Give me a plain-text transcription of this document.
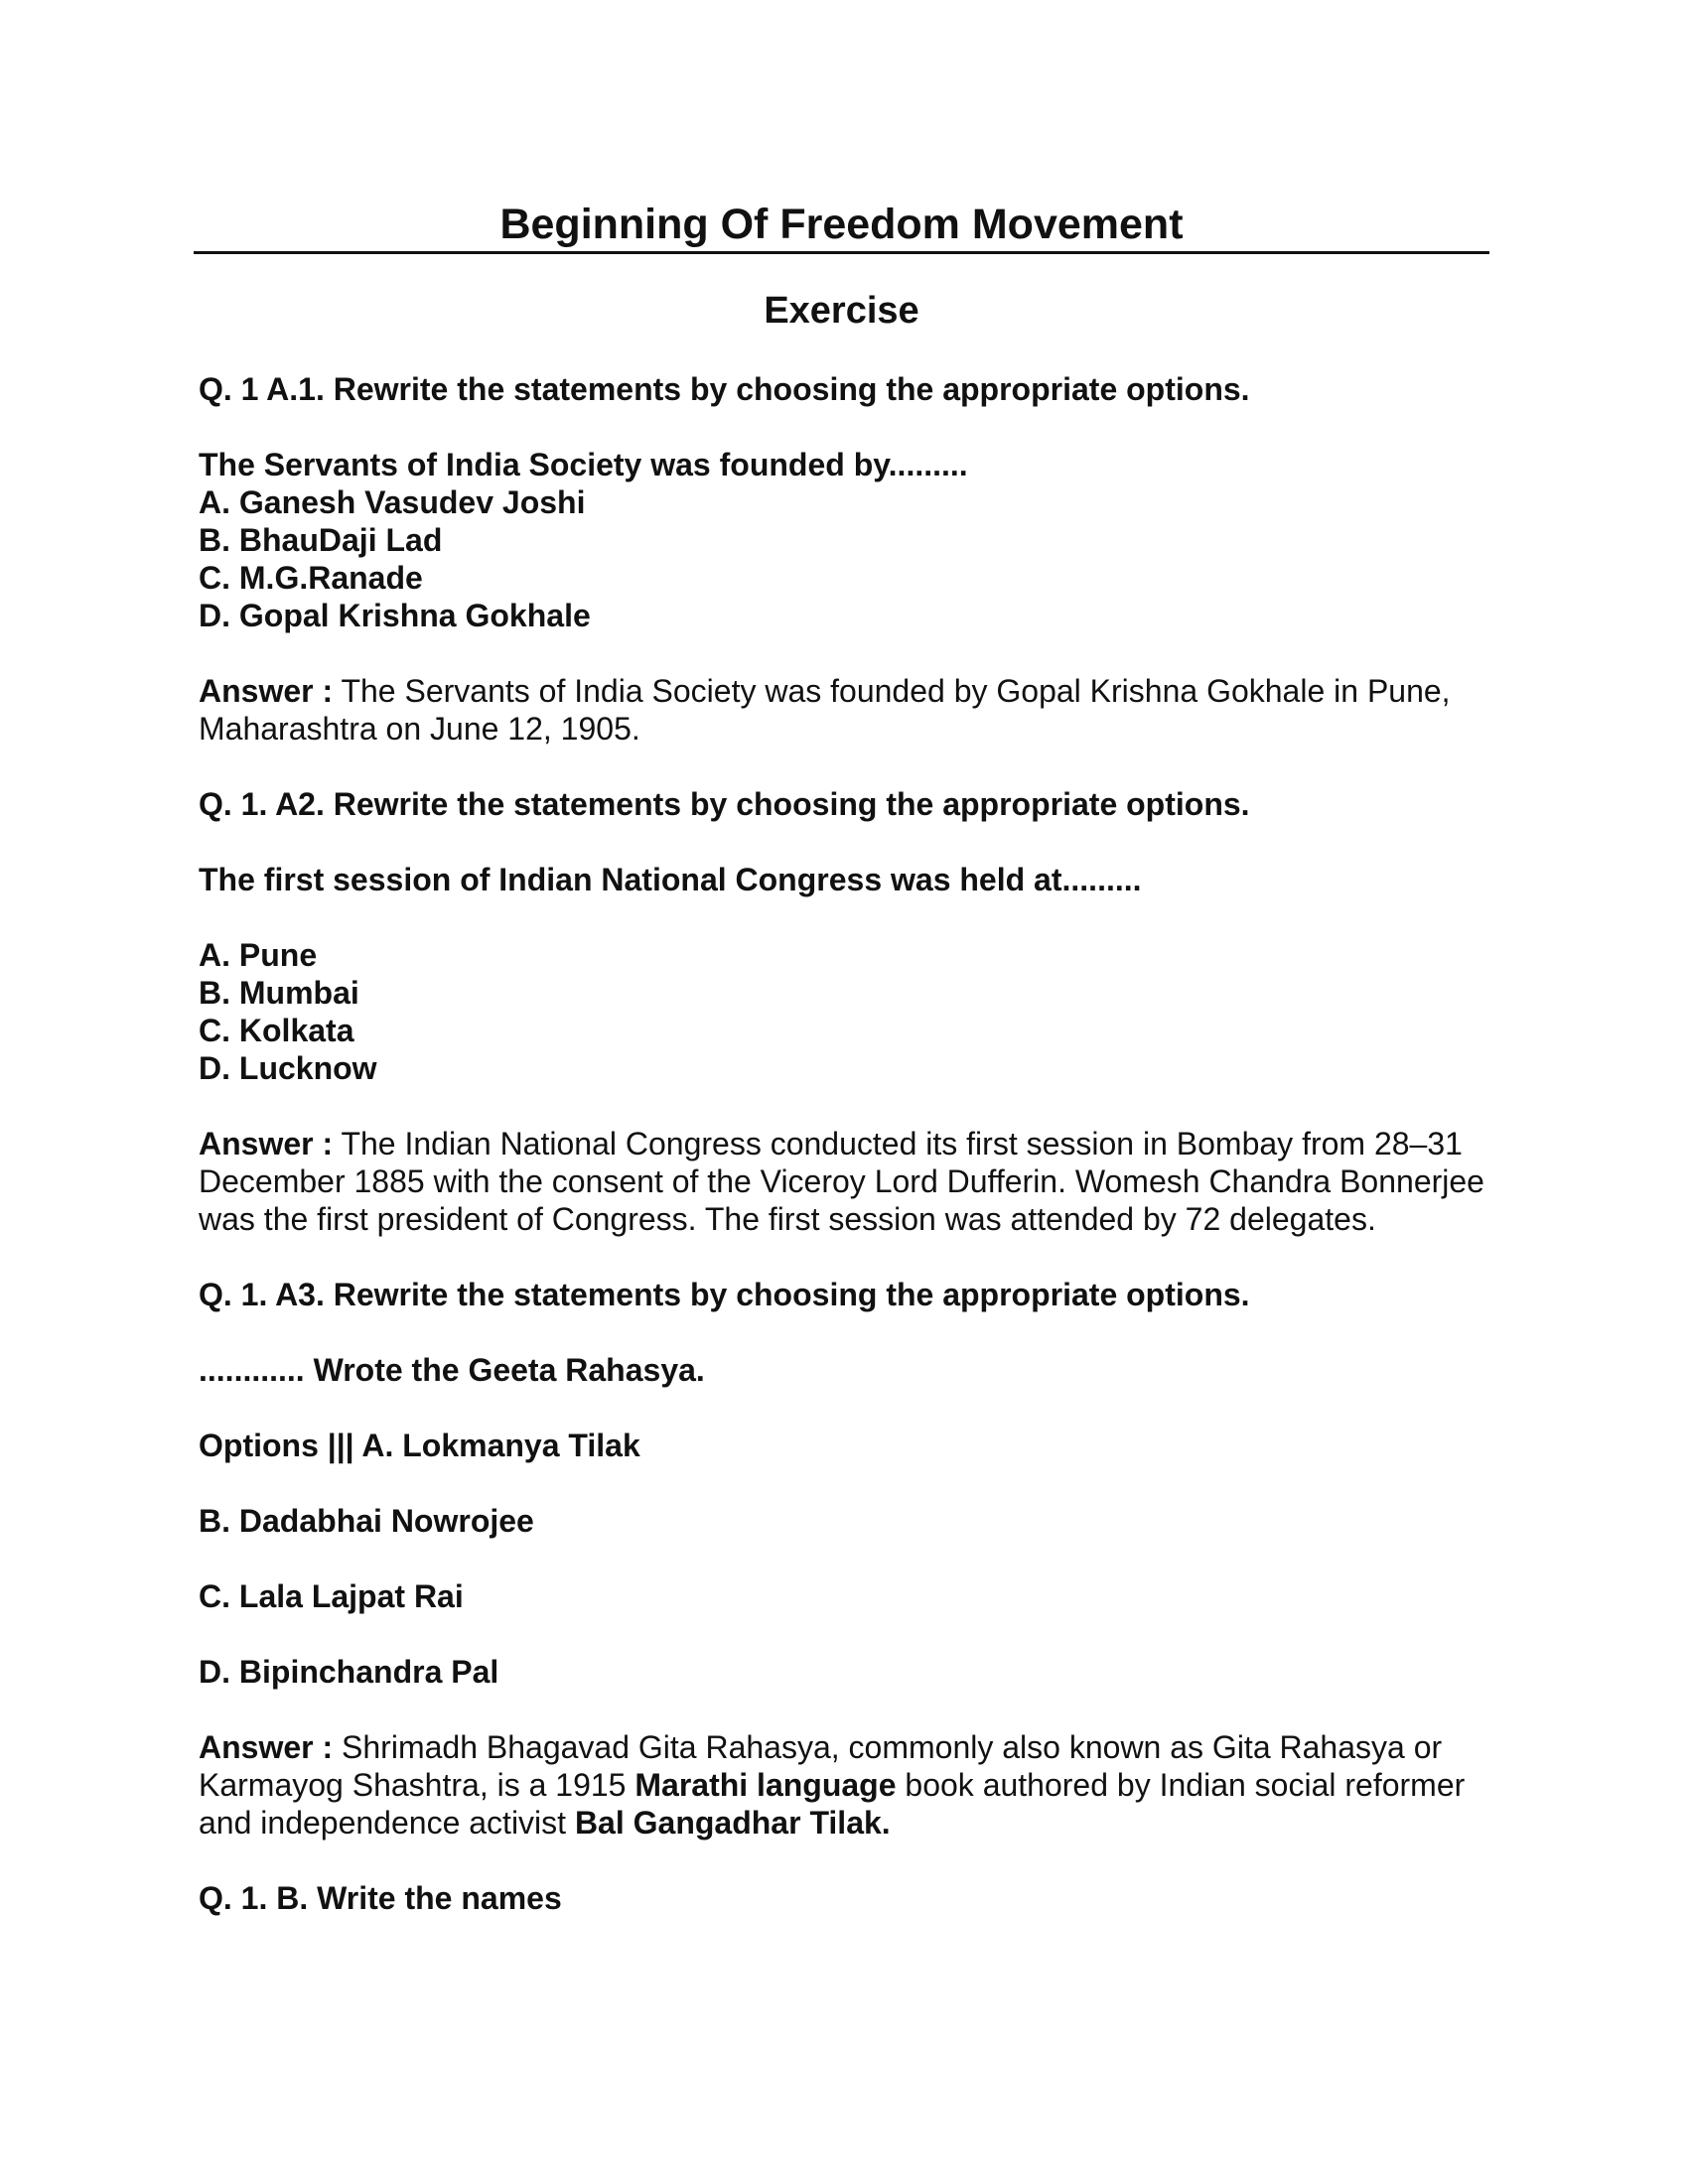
Beginning Of Freedom Movement
Exercise

Q. 1 A.1. Rewrite the statements by choosing the appropriate options.

The Servants of India Society was founded by.........

A. Ganesh Vasudev Joshi

B. BhauDaji Lad

C. M.G.Ranade

D. Gopal Krishna Gokhale

Answer : The Servants of India Society was founded by Gopal Krishna Gokhale in Pune, Maharashtra on June 12, 1905.

Q. 1. A2. Rewrite the statements by choosing the appropriate options.

The first session of Indian National Congress was held at.........

A. Pune

B. Mumbai

C. Kolkata

D. Lucknow

Answer : The Indian National Congress conducted its first session in Bombay from 28–31 December 1885 with the consent of the Viceroy Lord Dufferin. Womesh Chandra Bonnerjee was the first president of Congress. The first session was attended by 72 delegates.

Q. 1. A3. Rewrite the statements by choosing the appropriate options.

............ Wrote the Geeta Rahasya.

Options ||| A. Lokmanya Tilak

B. Dadabhai Nowrojee

C. Lala Lajpat Rai

D. Bipinchandra Pal

Answer : Shrimadh Bhagavad Gita Rahasya, commonly also known as Gita Rahasya or Karmayog Shashtra, is a 1915 Marathi language book authored by Indian social reformer and independence activist Bal Gangadhar Tilak.

Q. 1. B. Write the names
